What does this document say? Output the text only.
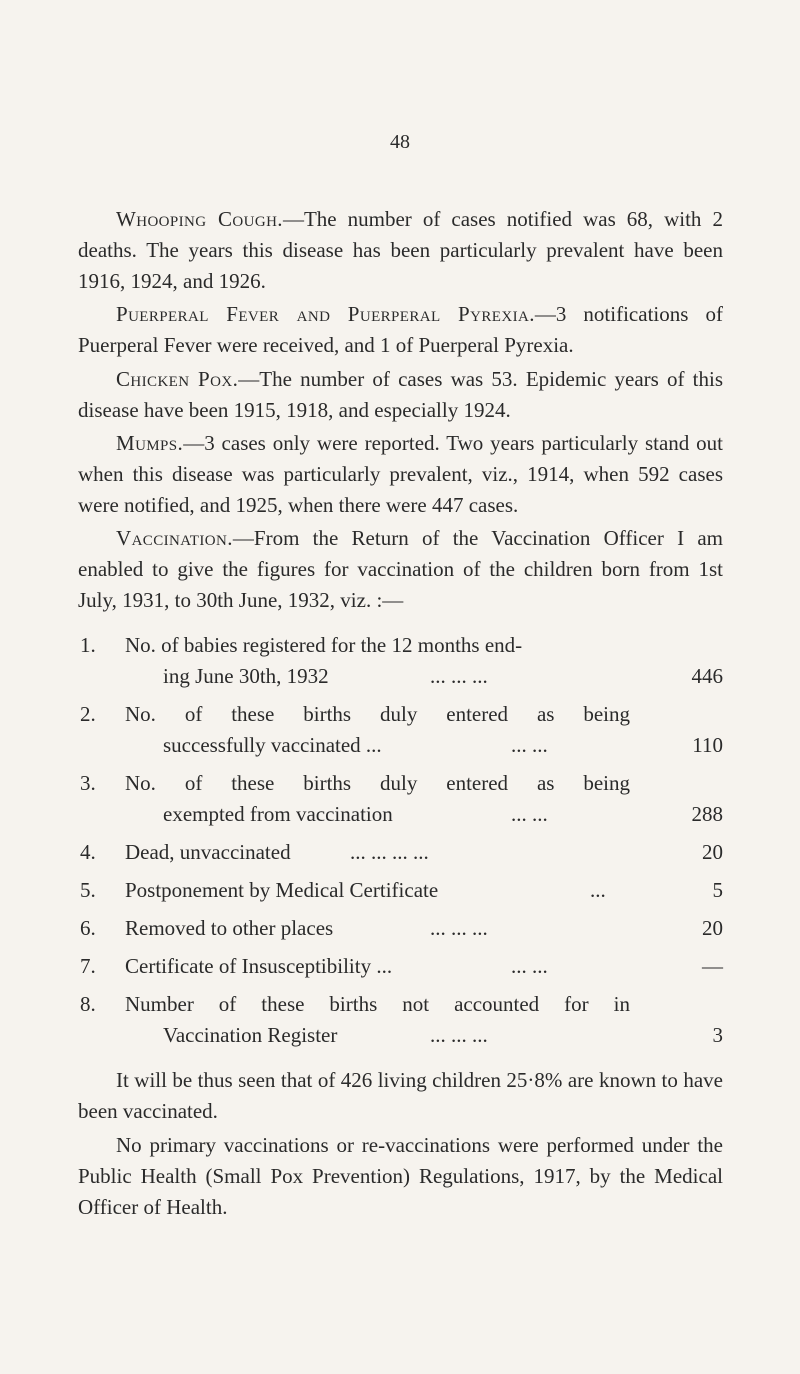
48

Whooping Cough.—The number of cases notified was 68, with 2 deaths. The years this disease has been particularly prevalent have been 1916, 1924, and 1926.

Puerperal Fever and Puerperal Pyrexia.—3 notifications of Puerperal Fever were received, and 1 of Puerperal Pyrexia.

Chicken Pox.—The number of cases was 53. Epidemic years of this disease have been 1915, 1918, and especially 1924.

Mumps.—3 cases only were reported. Two years particularly stand out when this disease was particularly prevalent, viz., 1914, when 592 cases were notified, and 1925, when there were 447 cases.

Vaccination.—From the Return of the Vaccination Officer I am enabled to give the figures for vaccination of the children born from 1st July, 1931, to 30th June, 1932, viz. :—

1.	No. of babies registered for the 12 months end-
ing June 30th, 1932	... ... ...	446
2.	No. of these births duly entered as being
successfully vaccinated ...	... ...	110
3.	No. of these births duly entered as being
exempted from vaccination	... ...	288
4.	Dead, unvaccinated	... ... ... ...	20
5.	Postponement by Medical Certificate	...	5
6.	Removed to other places	... ... ...	20
7.	Certificate of Insusceptibility ...	... ...	—
8.	Number of these births not accounted for in
Vaccination Register	... ... ...	3

It will be thus seen that of 426 living children 25·8% are known to have been vaccinated.

No primary vaccinations or re-vaccinations were performed under the Public Health (Small Pox Prevention) Regulations, 1917, by the Medical Officer of Health.
